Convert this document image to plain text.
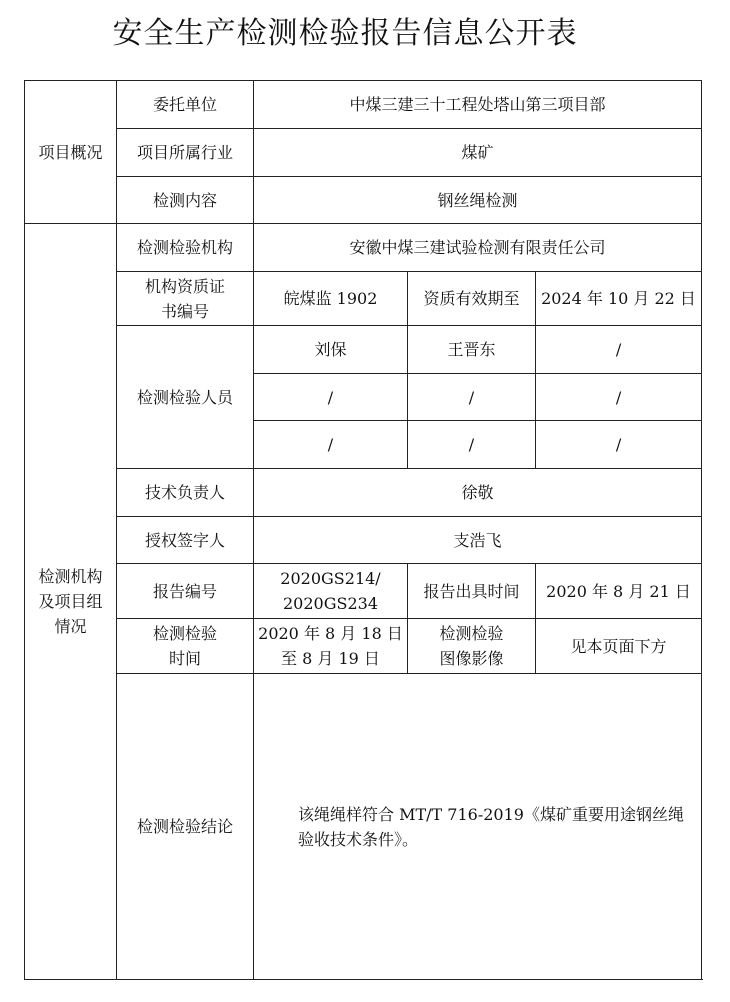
安全生产检测检验报告信息公开表
项目概况	委托单位	中煤三建三十工程处塔山第三项目部		
	项目所属行业	煤矿		
	检测内容	钢丝绳检测		
检测机构及项目组情况	检测检验机构	安徽中煤三建试验检测有限责任公司		
	机构资质证书编号	皖煤监 1902	资质有效期至	2024 年 10 月 22 日
	检测检验人员	刘保	王晋东	/
		/	/	/
		/	/	/
	技术负责人	徐敬		
	授权签字人	支浩飞		
	报告编号	2020GS214/ 2020GS234	报告出具时间	2020 年 8 月 21 日
	检测检验时间	2020 年 8 月 18 日至 8 月 19 日	检测检验图像影像	见本页面下方
	检测检验结论	该绳绳样符合 MT/T 716-2019《煤矿重要用途钢丝绳验收技术条件》。		
